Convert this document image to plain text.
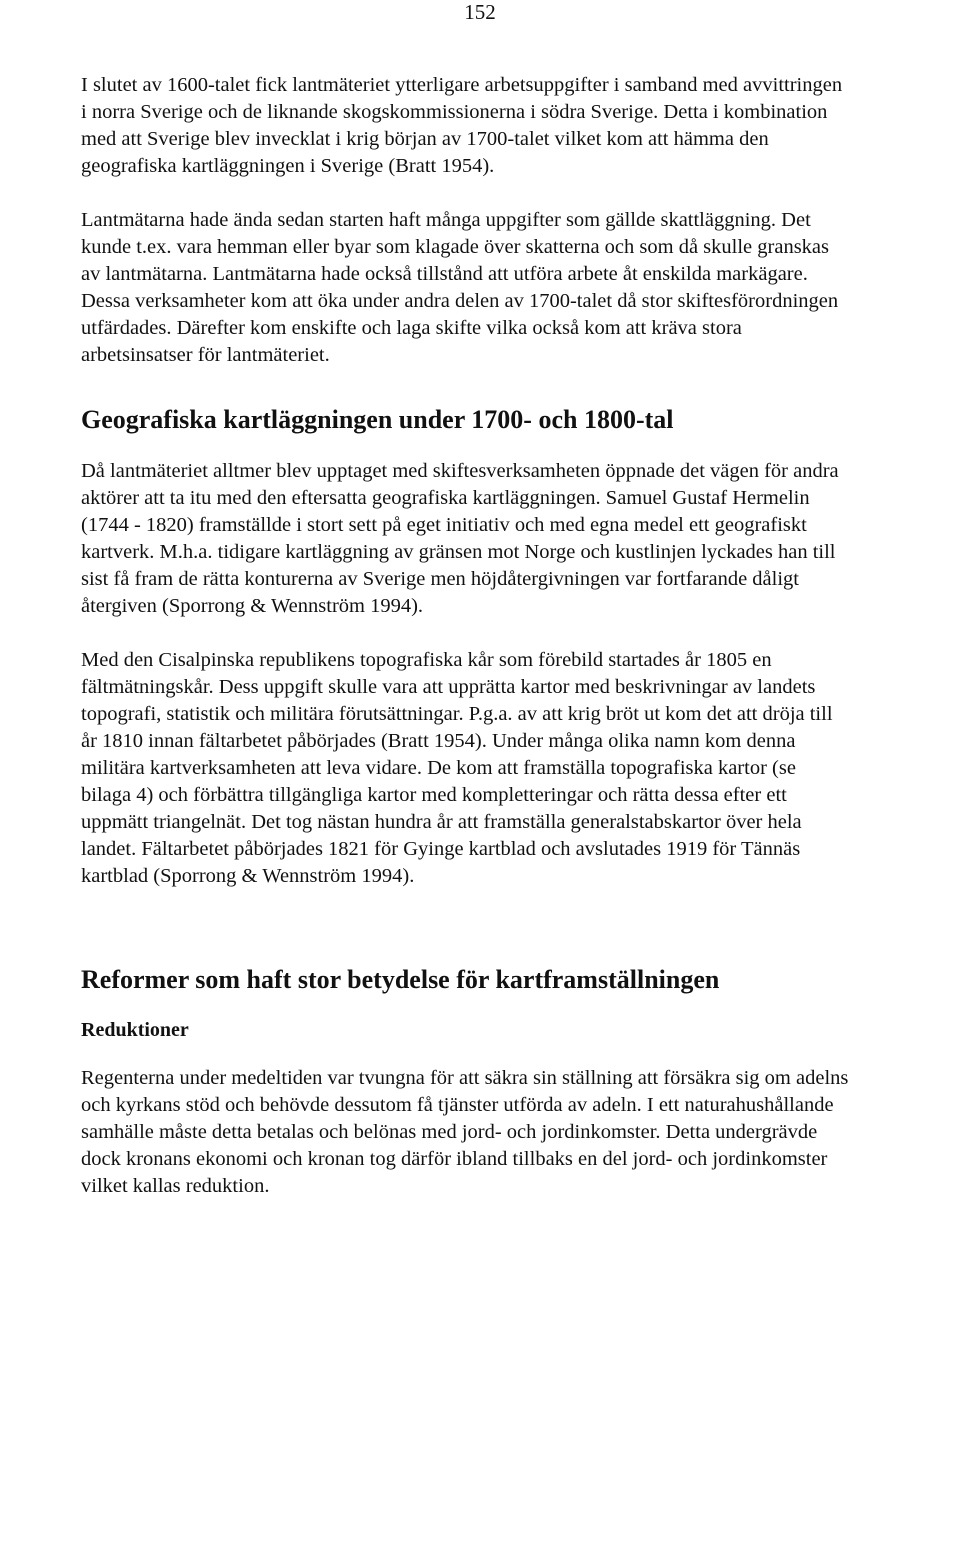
152

I slutet av 1600-talet fick lantmäteriet ytterligare arbetsuppgifter i samband med avvittringen
i norra Sverige och de liknande skogskommissionerna i södra Sverige. Detta i kombination
med att Sverige blev invecklat i krig början av 1700-talet vilket kom att hämma den
geografiska kartläggningen i Sverige (Bratt 1954).

Lantmätarna hade ända sedan starten haft många uppgifter som gällde skattläggning. Det
kunde t.ex. vara hemman eller byar som klagade över skatterna och som då skulle granskas
av lantmätarna. Lantmätarna hade också tillstånd att utföra arbete åt enskilda markägare.
Dessa verksamheter kom att öka under andra delen av 1700-talet då stor skiftesförordningen
utfärdades. Därefter kom enskifte och laga skifte vilka också kom att kräva stora
arbetsinsatser för lantmäteriet.

Geografiska kartläggningen under 1700- och 1800-tal

Då lantmäteriet alltmer blev upptaget med skiftesverksamheten öppnade det vägen för andra
aktörer att ta itu med den eftersatta geografiska kartläggningen. Samuel Gustaf Hermelin
(1744 - 1820) framställde i stort sett på eget initiativ och med egna medel ett geografiskt
kartverk. M.h.a. tidigare kartläggning av gränsen mot Norge och kustlinjen lyckades han till
sist få fram de rätta konturerna av Sverige men höjdåtergivningen var fortfarande dåligt
återgiven (Sporrong & Wennström 1994).

Med den Cisalpinska republikens topografiska kår som förebild startades år 1805 en
fältmätningskår. Dess uppgift skulle vara att upprätta kartor med beskrivningar av landets
topografi, statistik och militära förutsättningar. P.g.a. av att krig bröt ut kom det att dröja till
år 1810 innan fältarbetet påbörjades (Bratt 1954). Under många olika namn kom denna
militära kartverksamheten att leva vidare. De kom att framställa topografiska kartor (se
bilaga 4) och förbättra tillgängliga kartor med kompletteringar och rätta dessa efter ett
uppmätt triangelnät. Det tog nästan hundra år att framställa generalstabskartor över hela
landet. Fältarbetet påbörjades 1821 för Gyinge kartblad och avslutades 1919 för Tännäs
kartblad (Sporrong & Wennström 1994).

Reformer som haft stor betydelse för kartframställningen
Reduktioner

Regenterna under medeltiden var tvungna för att säkra sin ställning att försäkra sig om adelns
och kyrkans stöd och behövde dessutom få tjänster utförda av adeln. I ett naturahushållande
samhälle måste detta betalas och belönas med jord- och jordinkomster. Detta undergrävde
dock kronans ekonomi och kronan tog därför ibland tillbaks en del jord- och jordinkomster
vilket kallas reduktion.
